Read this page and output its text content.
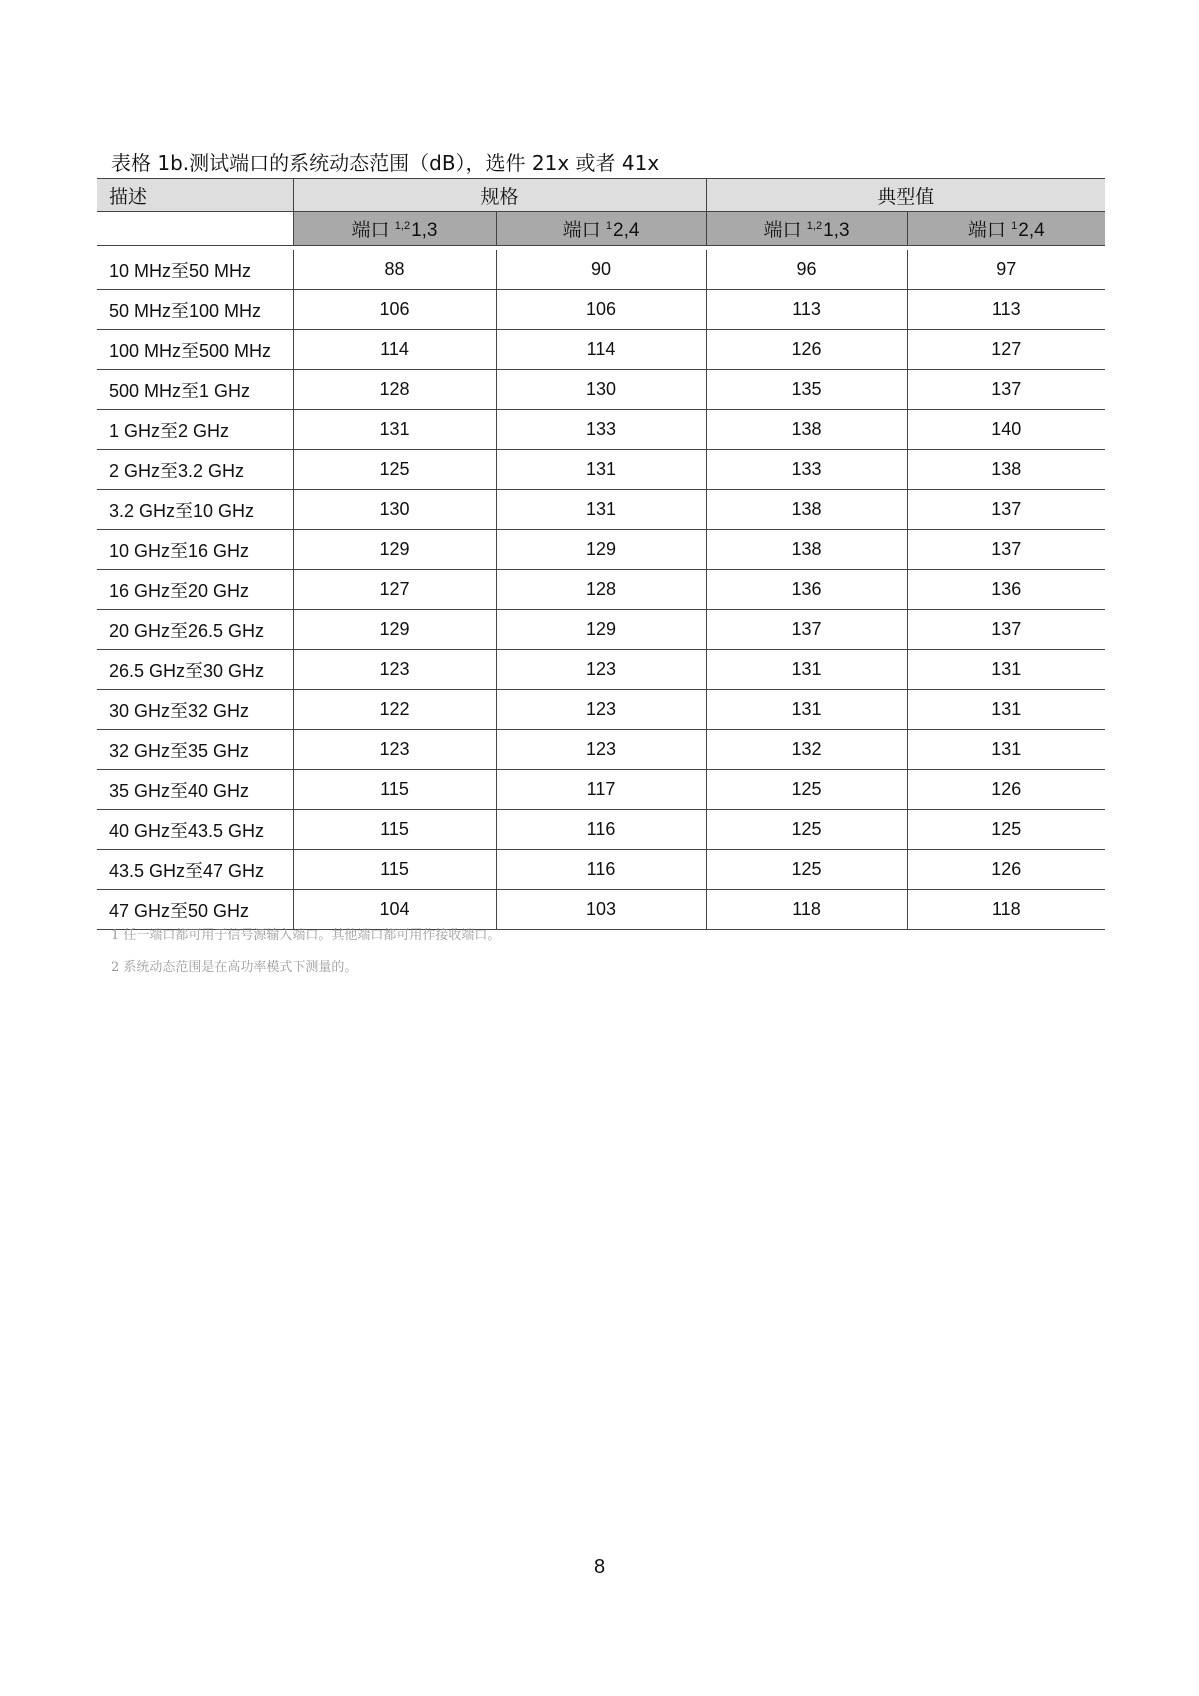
表格 1b.测试端口的系统动态范围（dB），选件 21x 或者 41x
描述	规格		典型值	
	端口 $^{1,2}$1,3	端口 $^1$2,4	端口 $^{1,2}$1,3	端口 $^1$2,4

10 MHz至50 MHz	88	90	96	97
50 MHz至100 MHz	106	106	113	113
100 MHz至500 MHz	114	114	126	127
500 MHz至1 GHz	128	130	135	137
1 GHz至2 GHz	131	133	138	140
2 GHz至3.2 GHz	125	131	133	138
3.2 GHz至10 GHz	130	131	138	137
10 GHz至16 GHz	129	129	138	137
16 GHz至20 GHz	127	128	136	136
20 GHz至26.5 GHz	129	129	137	137
26.5 GHz至30 GHz	123	123	131	131
30 GHz至32 GHz	122	123	131	131
32 GHz至35 GHz	123	123	132	131
35 GHz至40 GHz	115	117	125	126
40 GHz至43.5 GHz	115	116	125	125
43.5 GHz至47 GHz	115	116	125	126
47 GHz至50 GHz	104	103	118	118
1 任一端口都可用于信号源输入端口。其他端口都可用作接收端口。
2 系统动态范围是在高功率模式下测量的。
8
